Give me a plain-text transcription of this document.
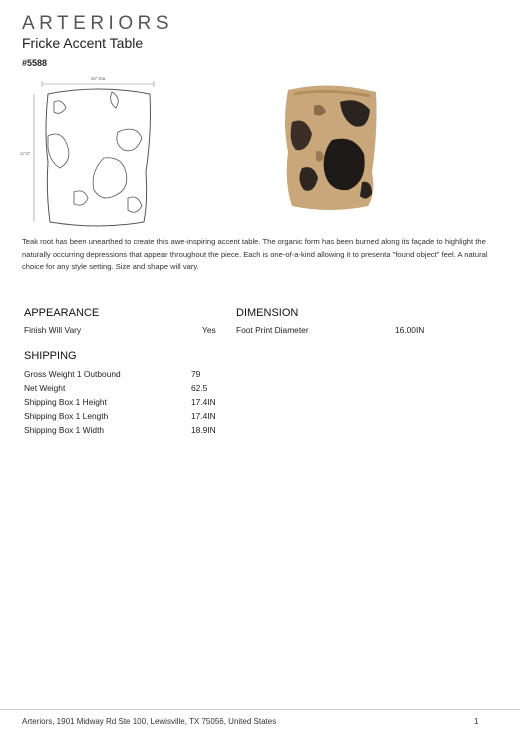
ARTERIORS
Fricke Accent Table
#5588
16" Dia
17.5"
Teak root has been unearthed to create this awe-inspiring accent table. The organic form has been burned along its façade to highlight the naturally occurring depressions that appear throughout the piece. Each is one-of-a-kind allowing it to presenta "found object" feel. A natural choice for any style setting. Size and shape will vary.
APPEARANCE
Finish Will Vary	Yes
DIMENSION
Foot Print Diameter	16.00IN
SHIPPING
Gross Weight 1 Outbound	79
Net Weight	62.5
Shipping Box 1 Height	17.4IN
Shipping Box 1 Length	17.4IN
Shipping Box 1 Width	18.9IN
Arteriors, 1901 Midway Rd Ste 100, Lewisville, TX 75056, United States	1
